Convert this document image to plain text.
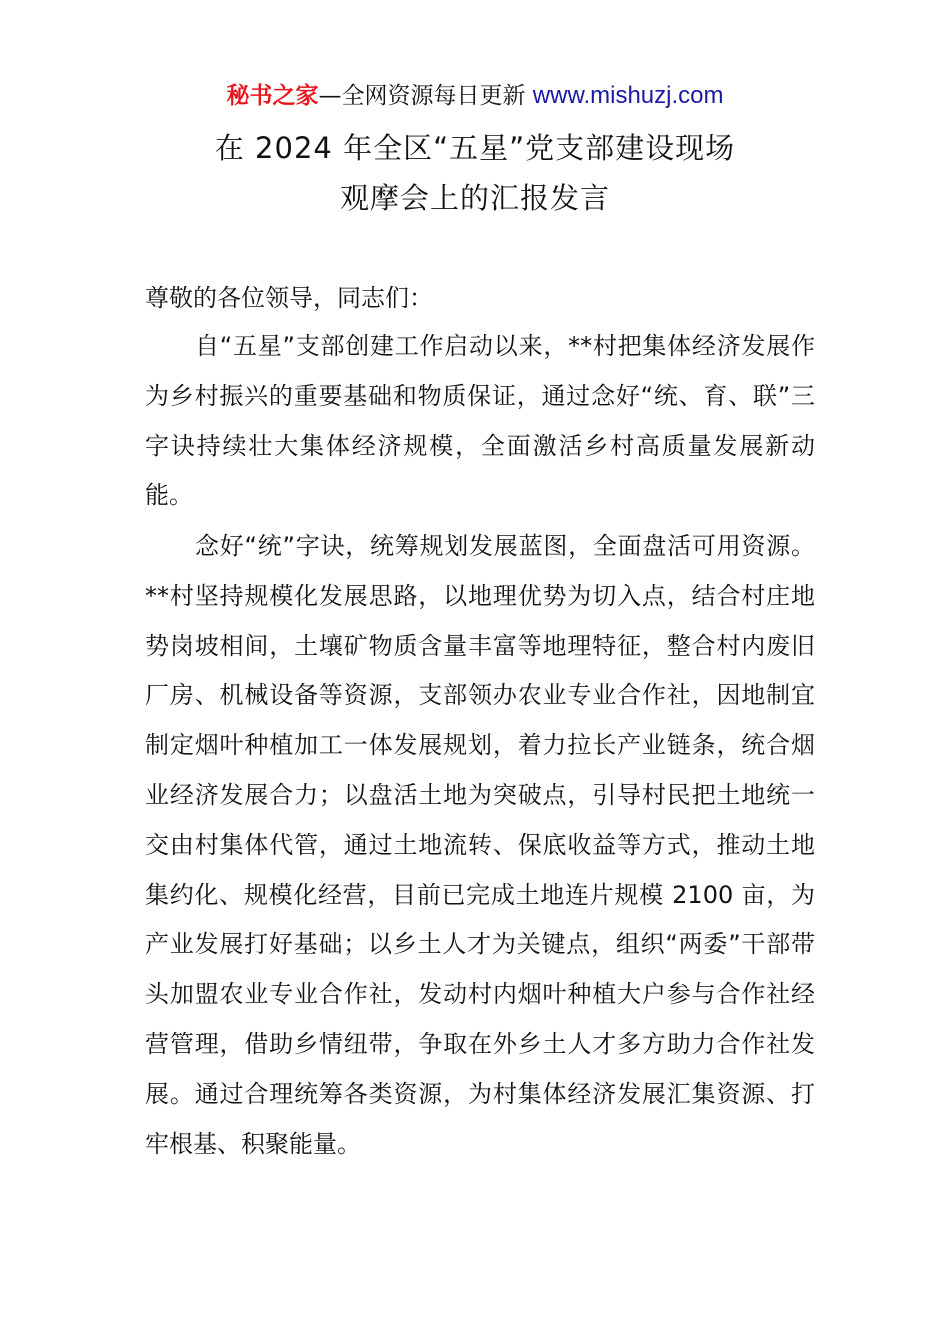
秘书之家—全网资源每日更新 www.mishuzj.com
在 2024 年全区“五星”党支部建设现场
观摩会上的汇报发言
尊敬的各位领导，同志们：

自“五星”支部创建工作启动以来，**村把集体经济发展作为乡村振兴的重要基础和物质保证，通过念好“统、育、联”三字诀持续壮大集体经济规模，全面激活乡村高质量发展新动能。

念好“统”字诀，统筹规划发展蓝图，全面盘活可用资源。**村坚持规模化发展思路，以地理优势为切入点，结合村庄地势岗坡相间，土壤矿物质含量丰富等地理特征，整合村内废旧厂房、机械设备等资源，支部领办农业专业合作社，因地制宜制定烟叶种植加工一体发展规划，着力拉长产业链条，统合烟业经济发展合力；以盘活土地为突破点，引导村民把土地统一交由村集体代管，通过土地流转、保底收益等方式，推动土地集约化、规模化经营，目前已完成土地连片规模 2100 亩，为产业发展打好基础；以乡土人才为关键点，组织“两委”干部带头加盟农业专业合作社，发动村内烟叶种植大户参与合作社经营管理，借助乡情纽带，争取在外乡土人才多方助力合作社发展。通过合理统筹各类资源，为村集体经济发展汇集资源、打牢根基、积聚能量。
